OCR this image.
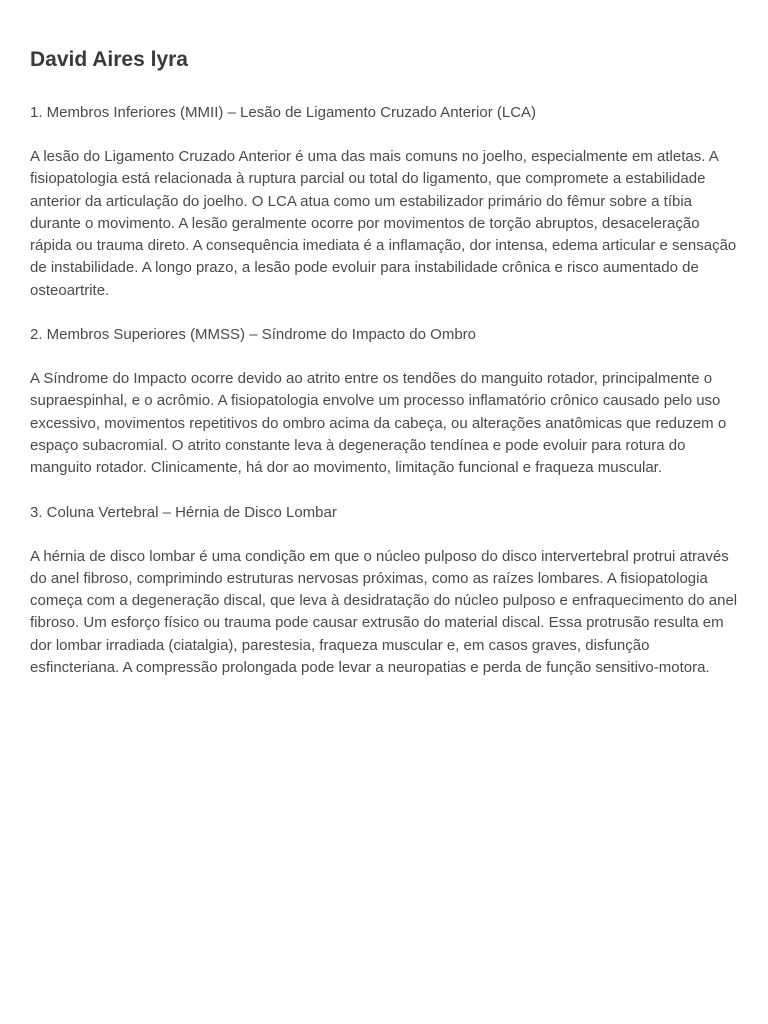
David Aires lyra

1. Membros Inferiores (MMII) – Lesão de Ligamento Cruzado Anterior (LCA)

A lesão do Ligamento Cruzado Anterior é uma das mais comuns no joelho, especialmente em atletas. A fisiopatologia está relacionada à ruptura parcial ou total do ligamento, que compromete a estabilidade anterior da articulação do joelho. O LCA atua como um estabilizador primário do fêmur sobre a tíbia durante o movimento. A lesão geralmente ocorre por movimentos de torção abruptos, desaceleração rápida ou trauma direto. A consequência imediata é a inflamação, dor intensa, edema articular e sensação de instabilidade. A longo prazo, a lesão pode evoluir para instabilidade crônica e risco aumentado de osteoartrite.

2. Membros Superiores (MMSS) – Síndrome do Impacto do Ombro

A Síndrome do Impacto ocorre devido ao atrito entre os tendões do manguito rotador, principalmente o supraespinhal, e o acrômio. A fisiopatologia envolve um processo inflamatório crônico causado pelo uso excessivo, movimentos repetitivos do ombro acima da cabeça, ou alterações anatômicas que reduzem o espaço subacromial. O atrito constante leva à degeneração tendínea e pode evoluir para rotura do manguito rotador. Clinicamente, há dor ao movimento, limitação funcional e fraqueza muscular.

3. Coluna Vertebral – Hérnia de Disco Lombar

A hérnia de disco lombar é uma condição em que o núcleo pulposo do disco intervertebral protrui através do anel fibroso, comprimindo estruturas nervosas próximas, como as raízes lombares. A fisiopatologia começa com a degeneração discal, que leva à desidratação do núcleo pulposo e enfraquecimento do anel fibroso. Um esforço físico ou trauma pode causar extrusão do material discal. Essa protrusão resulta em dor lombar irradiada (ciatalgia), parestesia, fraqueza muscular e, em casos graves, disfunção esfincteriana. A compressão prolongada pode levar a neuropatias e perda de função sensitivo-motora.
